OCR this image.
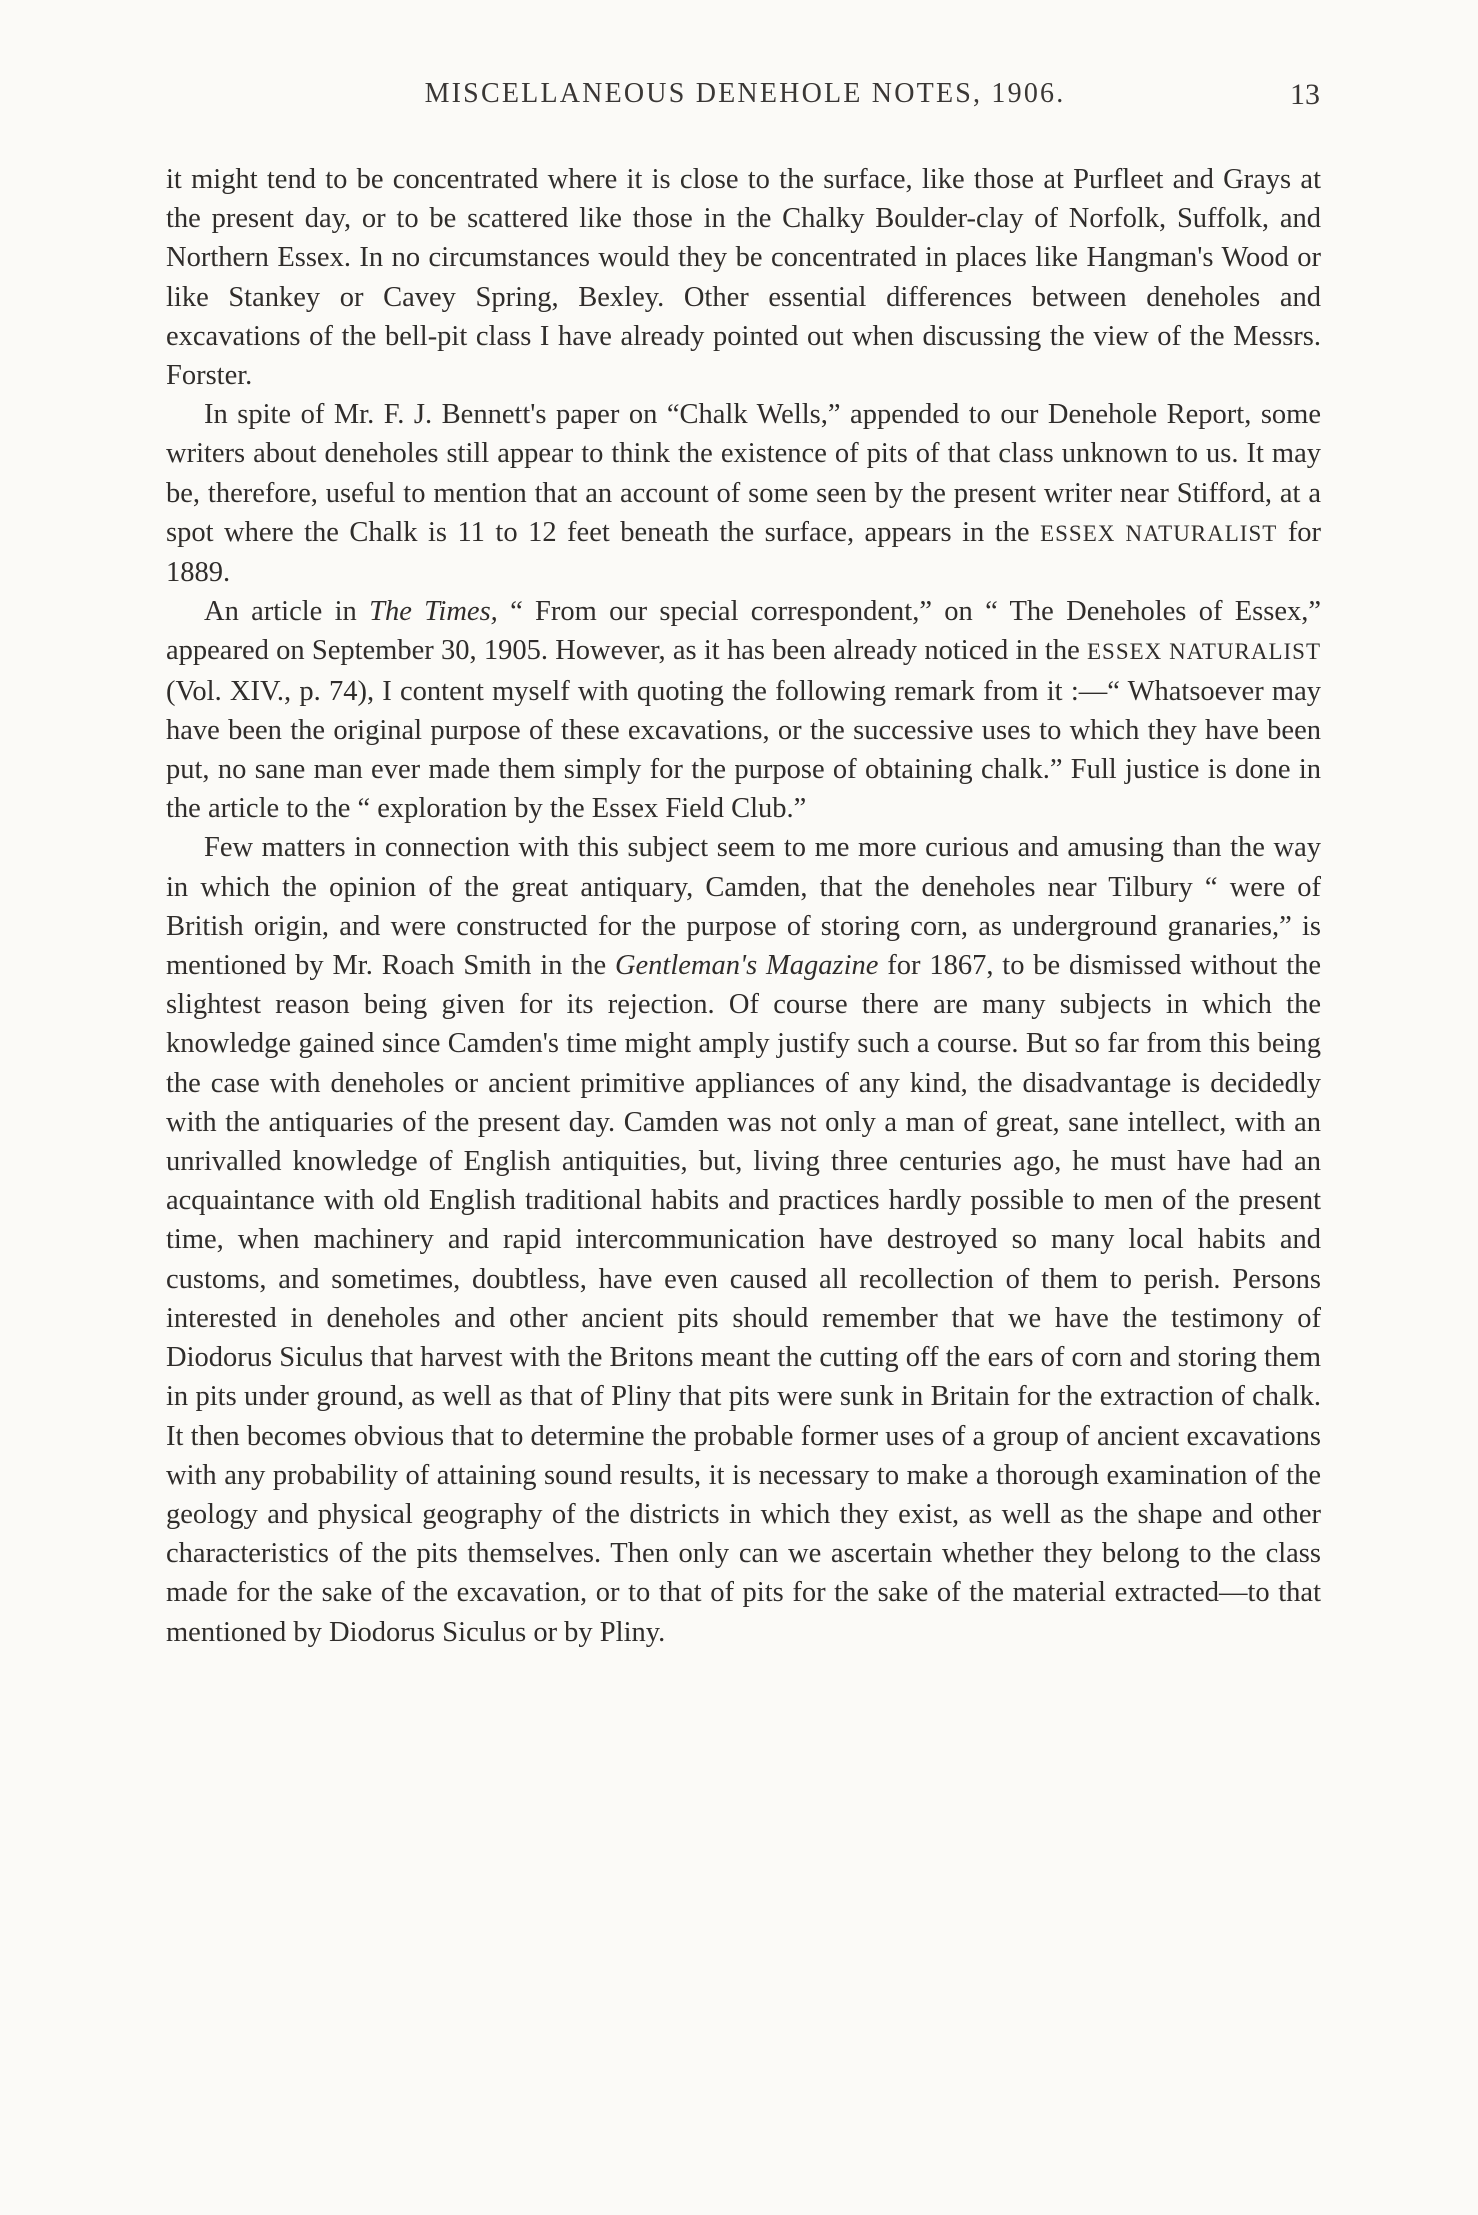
MISCELLANEOUS DENEHOLE NOTES, 1906.	13

it might tend to be concentrated where it is close to the surface, like those at Purfleet and Grays at the present day, or to be scattered like those in the Chalky Boulder-clay of Norfolk, Suffolk, and Northern Essex. In no circumstances would they be concentrated in places like Hangman's Wood or like Stankey or Cavey Spring, Bexley. Other essential differences between deneholes and excavations of the bell-pit class I have already pointed out when discussing the view of the Messrs. Forster.

In spite of Mr. F. J. Bennett's paper on “Chalk Wells,” appended to our Denehole Report, some writers about deneholes still appear to think the existence of pits of that class unknown to us. It may be, therefore, useful to mention that an account of some seen by the present writer near Stifford, at a spot where the Chalk is 11 to 12 feet beneath the surface, appears in the ESSEX NATURALIST for 1889.

An article in The Times, “ From our special correspondent,” on “ The Deneholes of Essex,” appeared on September 30, 1905. However, as it has been already noticed in the ESSEX NATURALIST (Vol. XIV., p. 74), I content myself with quoting the following remark from it :—“ Whatsoever may have been the original purpose of these excavations, or the successive uses to which they have been put, no sane man ever made them simply for the purpose of obtaining chalk.” Full justice is done in the article to the “ exploration by the Essex Field Club.”

Few matters in connection with this subject seem to me more curious and amusing than the way in which the opinion of the great antiquary, Camden, that the deneholes near Tilbury “ were of British origin, and were constructed for the purpose of storing corn, as underground granaries,” is mentioned by Mr. Roach Smith in the Gentleman's Magazine for 1867, to be dismissed without the slightest reason being given for its rejection. Of course there are many subjects in which the knowledge gained since Camden's time might amply justify such a course. But so far from this being the case with deneholes or ancient primitive appliances of any kind, the disadvantage is decidedly with the antiquaries of the present day. Camden was not only a man of great, sane intellect, with an unrivalled knowledge of English antiquities, but, living three centuries ago, he must have had an acquaintance with old English traditional habits and practices hardly possible to men of the present time, when machinery and rapid intercommunication have destroyed so many local habits and customs, and sometimes, doubtless, have even caused all recollection of them to perish. Persons interested in deneholes and other ancient pits should remember that we have the testimony of Diodorus Siculus that harvest with the Britons meant the cutting off the ears of corn and storing them in pits under ground, as well as that of Pliny that pits were sunk in Britain for the extraction of chalk. It then becomes obvious that to determine the probable former uses of a group of ancient excavations with any probability of attaining sound results, it is necessary to make a thorough examination of the geology and physical geography of the districts in which they exist, as well as the shape and other characteristics of the pits themselves. Then only can we ascertain whether they belong to the class made for the sake of the excavation, or to that of pits for the sake of the material extracted—to that mentioned by Diodorus Siculus or by Pliny.
